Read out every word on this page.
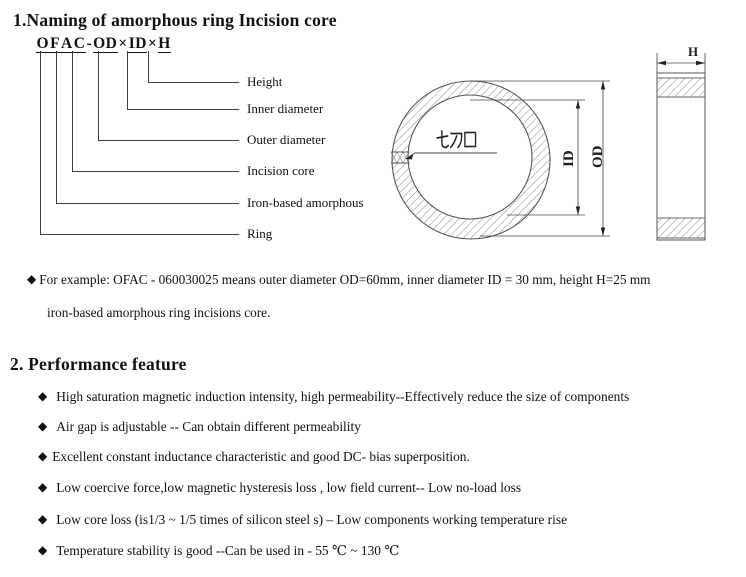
1.Naming of amorphous ring Incision core
OFAC-OD×ID×H
Height
Inner diameter
Outer diameter
Incision core
Iron-based amorphous
Ring
ID OD
H
◆ For example: OFAC - 060030025 means outer diameter OD=60mm, inner diameter ID = 30 mm, height H=25 mm
iron-based amorphous ring incisions core.
2. Performance feature
◆ High saturation magnetic induction intensity, high permeability--Effectively reduce the size of components
◆ Air gap is adjustable -- Can obtain different permeability
◆ Excellent constant inductance characteristic and good DC- bias superposition.
◆ Low coercive force,low magnetic hysteresis loss , low field current-- Low no-load loss
◆ Low core loss (is1/3 ~ 1/5 times of silicon steel s) – Low components working temperature rise
◆ Temperature stability is good --Can be used in - 55 ℃ ~ 130 ℃
